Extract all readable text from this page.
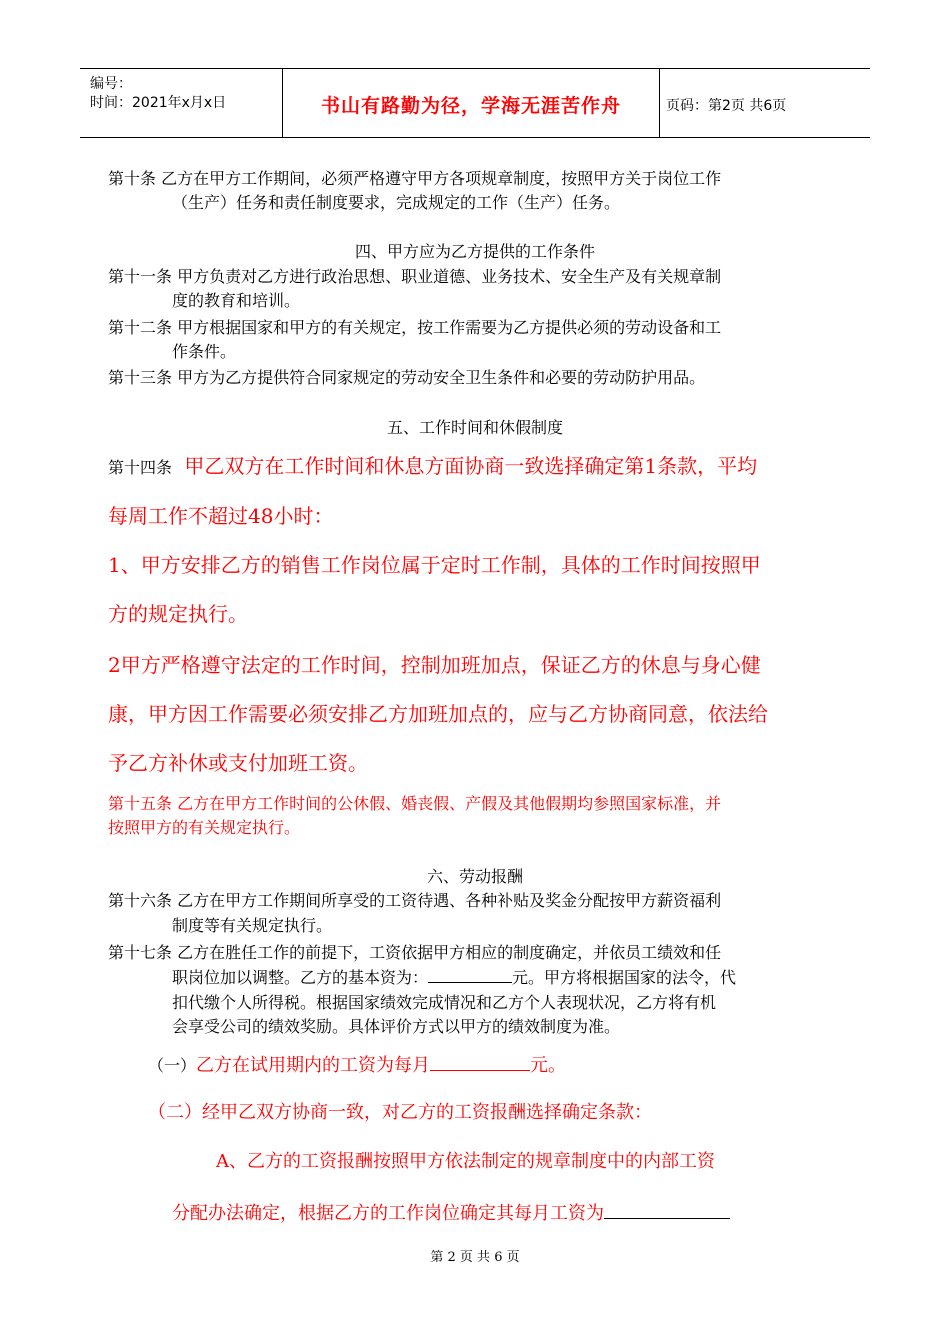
编号：
时间：2021年x月x日	书山有路勤为径，学海无涯苦作舟	页码：第2页 共6页
第十条 乙方在甲方工作期间，必须严格遵守甲方各项规章制度，按照甲方关于岗位工作
（生产）任务和责任制度要求，完成规定的工作（生产）任务。
四、甲方应为乙方提供的工作条件
第十一条 甲方负责对乙方进行政治思想、职业道德、业务技术、安全生产及有关规章制
度的教育和培训。
第十二条 甲方根据国家和甲方的有关规定，按工作需要为乙方提供必须的劳动设备和工
作条件。
第十三条 甲方为乙方提供符合同家规定的劳动安全卫生条件和必要的劳动防护用品。
五、工作时间和休假制度
第十四条 甲乙双方在工作时间和休息方面协商一致选择确定第1条款，平均
每周工作不超过48小时：
1、甲方安排乙方的销售工作岗位属于定时工作制，具体的工作时间按照甲
方的规定执行。
2甲方严格遵守法定的工作时间，控制加班加点，保证乙方的休息与身心健
康，甲方因工作需要必须安排乙方加班加点的，应与乙方协商同意，依法给
予乙方补休或支付加班工资。
第十五条 乙方在甲方工作时间的公休假、婚丧假、产假及其他假期均参照国家标准，并
按照甲方的有关规定执行。
六、劳动报酬
第十六条 乙方在甲方工作期间所享受的工资待遇、各种补贴及奖金分配按甲方薪资福利
制度等有关规定执行。
第十七条 乙方在胜任工作的前提下，工资依据甲方相应的制度确定，并依员工绩效和任
职岗位加以调整。乙方的基本资为：	元。甲方将根据国家的法令，代
扣代缴个人所得税。根据国家绩效完成情况和乙方个人表现状况，乙方将有机
会享受公司的绩效奖励。具体评价方式以甲方的绩效制度为准。
（一）乙方在试用期内的工资为每月	元。
（二）经甲乙双方协商一致，对乙方的工资报酬选择确定条款：
A、乙方的工资报酬按照甲方依法制定的规章制度中的内部工资
分配办法确定，根据乙方的工作岗位确定其每月工资为
第 2 页 共 6 页
